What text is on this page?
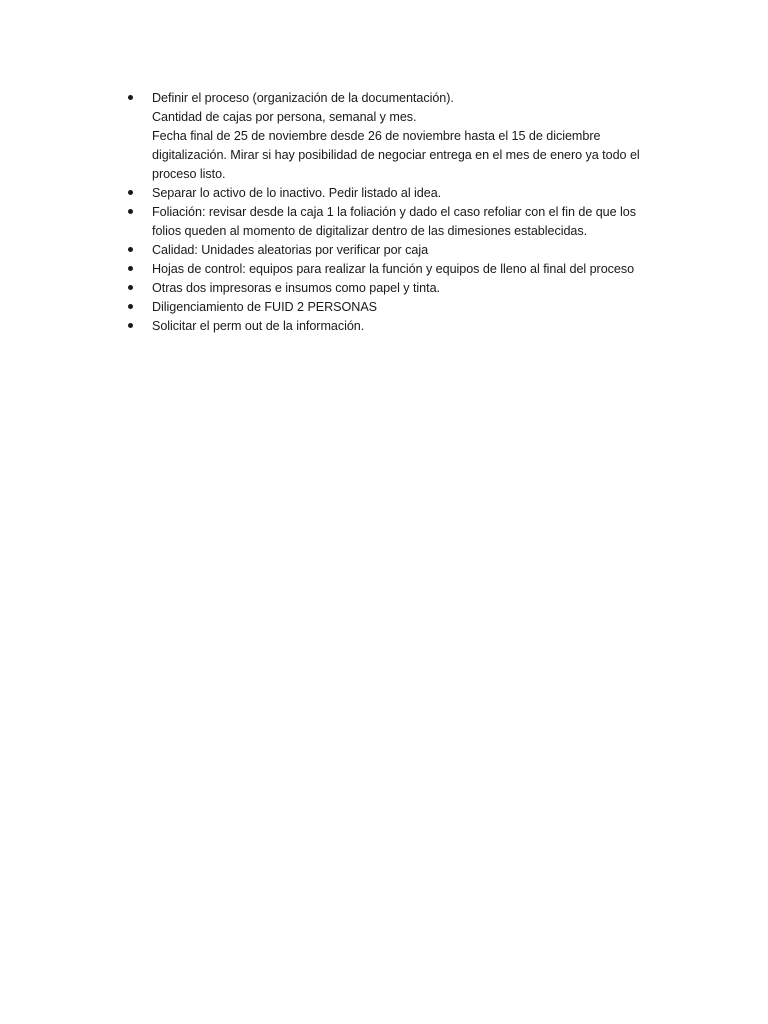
Definir el proceso (organización de la documentación).
Cantidad de cajas por persona, semanal y mes.
Fecha final de 25 de noviembre desde 26 de noviembre hasta el 15 de diciembre
digitalización. Mirar si hay posibilidad de negociar entrega en el mes de enero ya todo el
proceso listo.
Separar lo activo de lo inactivo. Pedir listado al idea.
Foliación: revisar desde la caja 1 la foliación y dado el caso refoliar con el fin de que los
folios queden al momento de digitalizar dentro de las dimesiones establecidas.
Calidad: Unidades aleatorias por verificar por caja
Hojas de control: equipos para realizar la función y equipos de lleno al final del proceso
Otras dos impresoras e insumos como papel y tinta.
Diligenciamiento de FUID 2 PERSONAS
Solicitar el perm out de la información.
